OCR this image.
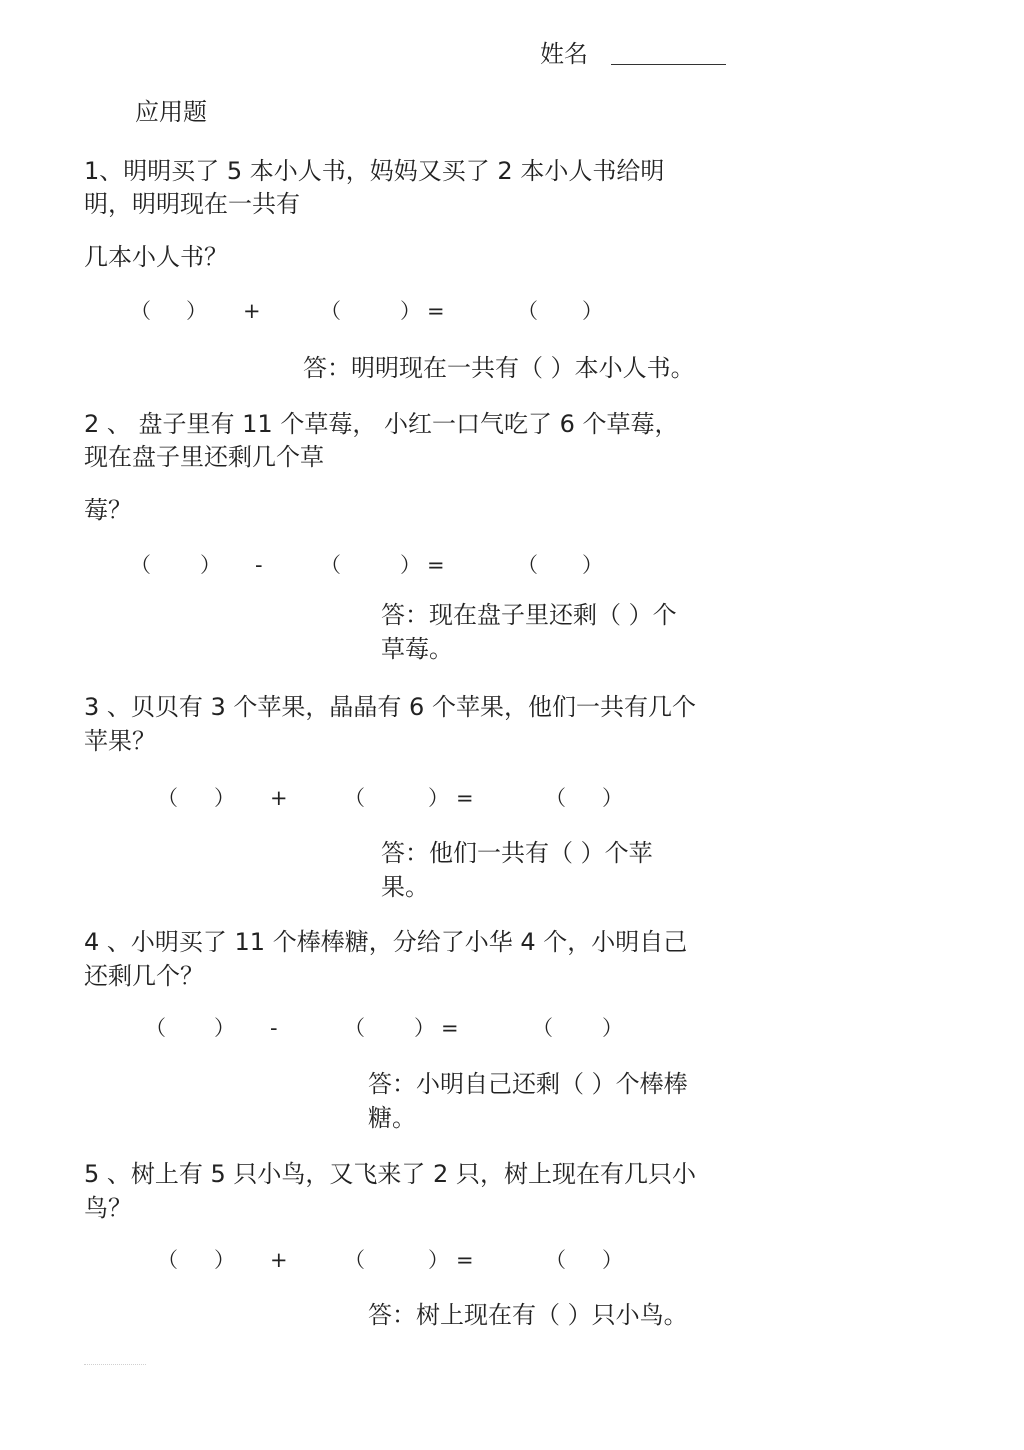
姓名

应用题

1、明明买了 5 本小人书，妈妈又买了 2 本小人书给明

明，明明现在一共有

几本小人书？

（ ） +	（	） =	（ ）

答：明明现在一共有（ ）本小人书。

2 、 盘子里有 11 个草莓， 小红一口气吃了 6 个草莓，

现在盘子里还剩几个草

莓？

（ ） -	（	） =	（ ）

答：现在盘子里还剩（ ）个

草莓。

3 、贝贝有 3 个苹果，晶晶有 6 个苹果，他们一共有几个

苹果？

（ ） +	（	） =	（ ）

答：他们一共有（ ）个苹

果。

4 、小明买了 11 个棒棒糖，分给了小华 4 个，小明自己

还剩几个？

（ ） -	（ ） =	（ ）

答：小明自己还剩（ ）个棒棒

糖。

5 、树上有 5 只小鸟，又飞来了 2 只，树上现在有几只小

鸟？

（ ） +	（	） =	（ ）

答：树上现在有（ ）只小鸟。
